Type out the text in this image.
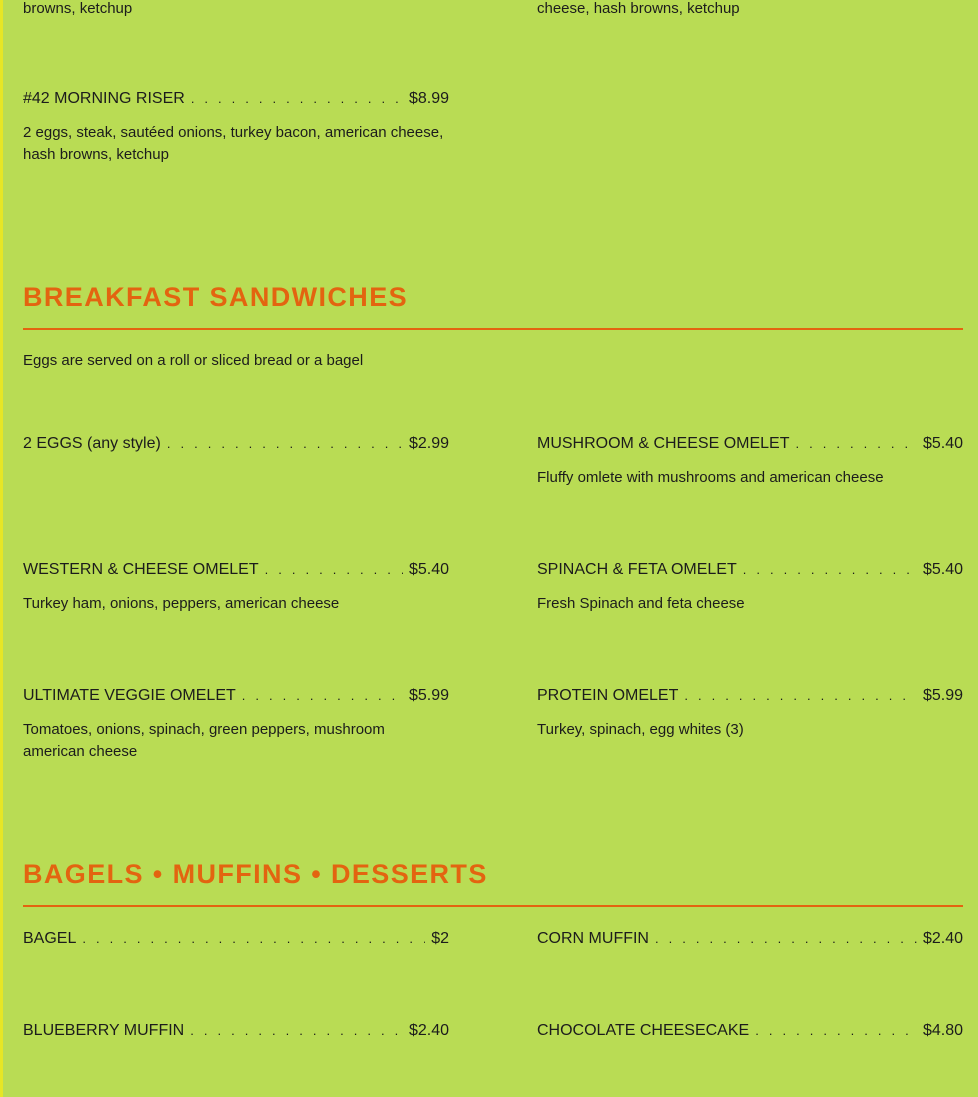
browns, ketchup	cheese, hash browns, ketchup
#42 MORNING RISER . . .	$8.99
2 eggs, steak, sautéed onions, turkey bacon, american cheese, hash browns, ketchup
BREAKFAST SANDWICHES
Eggs are served on a roll or sliced bread or a bagel
2 EGGS (any style) . . .	$2.99	MUSHROOM & CHEESE OMELET . . .	$5.40
Fluffy omlete with mushrooms and american cheese
WESTERN & CHEESE OMELET . . .	$5.40
Turkey ham, onions, peppers, american cheese
SPINACH & FETA OMELET . . .	$5.40
Fresh Spinach and feta cheese
ULTIMATE VEGGIE OMELET . . .	$5.99
Tomatoes, onions, spinach, green peppers, mushroom american cheese
PROTEIN OMELET . . .	$5.99
Turkey, spinach, egg whites (3)
BAGELS • MUFFINS • DESSERTS
BAGEL . . .	$2	CORN MUFFIN . . .	$2.40
BLUEBERRY MUFFIN . . .	$2.40	CHOCOLATE CHEESECAKE . . .	$4.80
